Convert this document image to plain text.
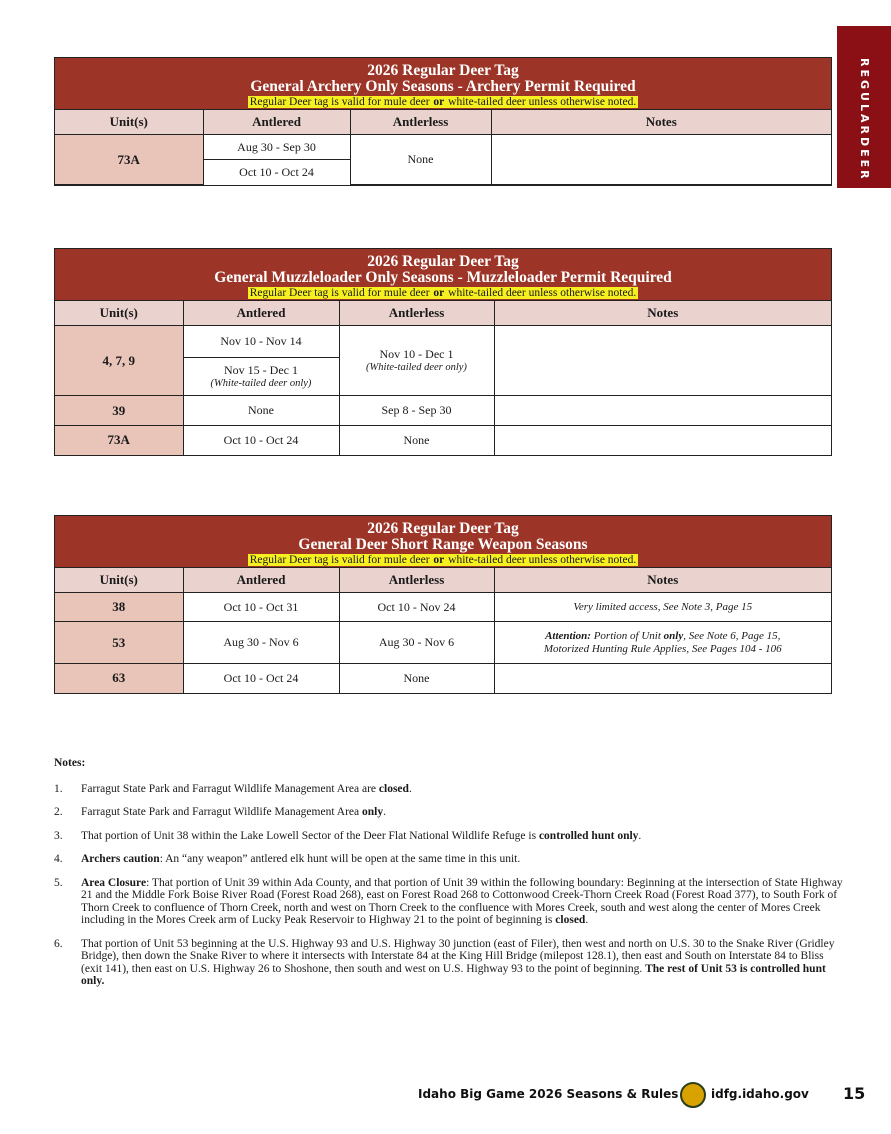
REGULAR
DEER
2026 Regular Deer Tag
General Archery Only Seasons - Archery Permit Required
Regular Deer tag is valid for mule deer or white-tailed deer unless otherwise noted.
Unit(s)	Antlered	Antlerless	Notes
73A	Aug 30 - Sep 30	None	
	Oct 10 - Oct 24		
2026 Regular Deer Tag
General Muzzleloader Only Seasons - Muzzleloader Permit Required
Regular Deer tag is valid for mule deer or white-tailed deer unless otherwise noted.
Unit(s)	Antlered	Antlerless	Notes
4, 7, 9	Nov 10 - Nov 14	Nov 10 - Dec 1
(White-tailed deer only)	

	Nov 15 - Dec 1
(White-tailed deer only)		

39	None	Sep 8 - Sep 30	
73A	Oct 10 - Oct 24	None	
2026 Regular Deer Tag
General Deer Short Range Weapon Seasons
Regular Deer tag is valid for mule deer or white-tailed deer unless otherwise noted.
Unit(s)	Antlered	Antlerless	Notes
38	Oct 10 - Oct 31	Oct 10 - Nov 24	Very limited access, See Note 3, Page 15
53	Aug 30 - Nov 6	Aug 30 - Nov 6	Attention: Portion of Unit only, See Note 6, Page 15,
Motorized Hunting Rule Applies, See Pages 104 - 106
63	Oct 10 - Oct 24	None	
Notes:
1. Farragut State Park and Farragut Wildlife Management Area are closed.
2. Farragut State Park and Farragut Wildlife Management Area only.
3. That portion of Unit 38 within the Lake Lowell Sector of the Deer Flat National Wildlife Refuge is controlled hunt only.
4. Archers caution: An “any weapon” antlered elk hunt will be open at the same time in this unit.
5. Area Closure: That portion of Unit 39 within Ada County, and that portion of Unit 39 within the following boundary: Beginning at the intersection of State Highway 21 and the Middle Fork Boise River Road (Forest Road 268), east on Forest Road 268 to Cottonwood Creek-Thorn Creek Road (Forest Road 377), to South Fork of Thorn Creek to confluence of Thorn Creek, north and west on Thorn Creek to the confluence with Mores Creek, south and west along the center of Mores Creek including in the Mores Creek arm of Lucky Peak Reservoir to Highway 21 to the point of beginning is closed.
6. That portion of Unit 53 beginning at the U.S. Highway 93 and U.S. Highway 30 junction (east of Filer), then west and north on U.S. 30 to the Snake River (Gridley Bridge), then down the Snake River to where it intersects with Interstate 84 at the King Hill Bridge (milepost 128.1), then east and South on Interstate 84 to Bliss (exit 141), then east on U.S. Highway 26 to Shoshone, then south and west on U.S. Highway 93 to the point of beginning. The rest of Unit 53 is controlled hunt only.
Idaho Big Game 2026 Seasons & Rules	idfg.idaho.gov 15
